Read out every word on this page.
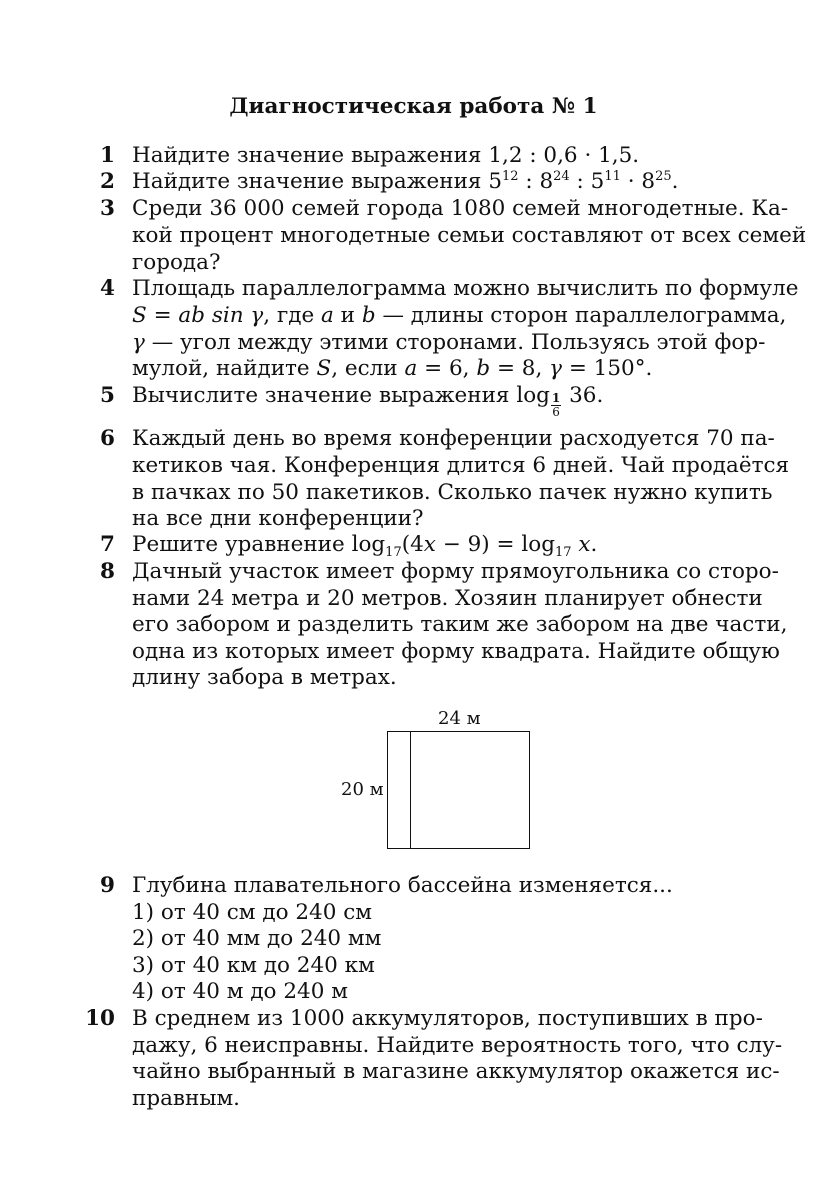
Диагностическая работа № 1
1 Найдите значение выражения 1,2 : 0,6 · 1,5.
2 Найдите значение выражения $5^{12}$ : $8^{24}$ : $5^{11} \cdot 8^{25}$.
3 Среди 36 000 семей города 1080 семей многодетные. Ка-
кой процент многодетные семьи составляют от всех семей
города?
4 Площадь параллелограмма можно вычислить по формуле
S = ab sin γ, где a и b — длины сторон параллелограмма,
γ — угол между этими сторонами. Пользуясь этой фор-
мулой, найдите S, если a = 6, b = 8, γ = 150°.
5 Вычислите значение выражения $\log \frac{1}{6} 36$.
6 Каждый день во время конференции расходуется 70 па-
кетиков чая. Конференция длится 6 дней. Чай продаётся
в пачках по 50 пакетиков. Сколько пачек нужно купить
на все дни конференции?
7 Решите уравнение $\log_{17}(4x - 9) = \log_{17} x$.
8 Дачный участок имеет форму прямоугольника со сторо-
нами 24 метра и 20 метров. Хозяин планирует обнести
его забором и разделить таким же забором на две части,
одна из которых имеет форму квадрата. Найдите общую
длину забора в метрах.
24 м
20 м
9 Глубина плавательного бассейна изменяется...
1) от 40 см до 240 см
2) от 40 мм до 240 мм
3) от 40 км до 240 км
4) от 40 м до 240 м
10 В среднем из 1000 аккумуляторов, поступивших в про-
дажу, 6 неисправны. Найдите вероятность того, что слу-
чайно выбранный в магазине аккумулятор окажется ис-
правным.
